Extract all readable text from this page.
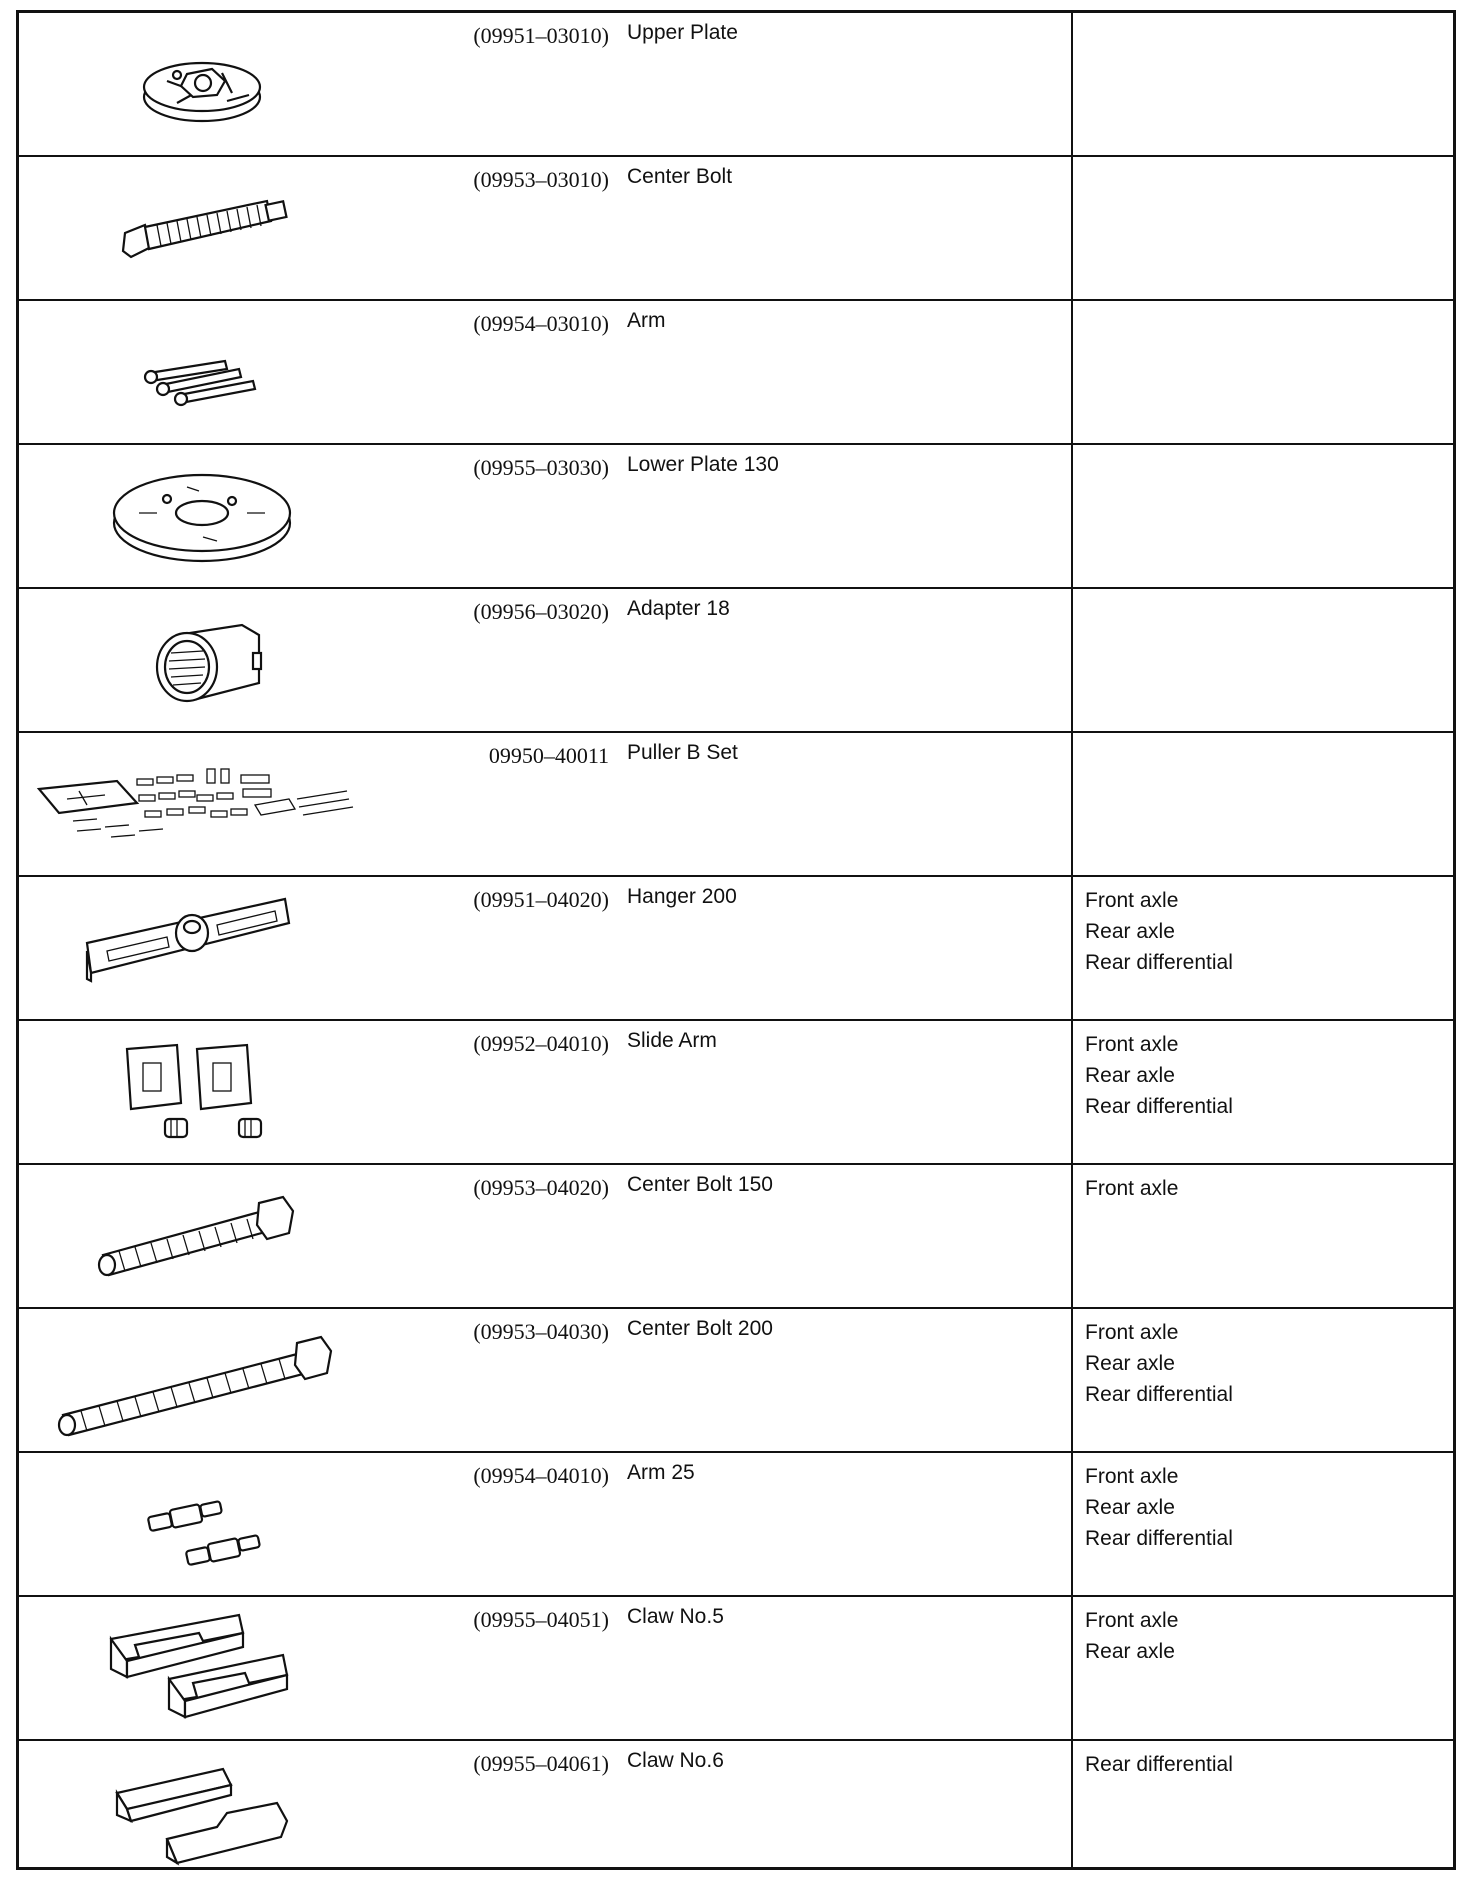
(09951–03010) Upper Plate
(09953–03010) Center Bolt
(09954–03010) Arm
(09955–03030) Lower Plate 130
(09956–03020) Adapter 18
09950–40011 Puller B Set
(09951–04020) Hanger 200	Front axle
Rear axle
Rear differential
(09952–04010) Slide Arm	Front axle
Rear axle
Rear differential
(09953–04020) Center Bolt 150	Front axle
(09953–04030) Center Bolt 200	Front axle
Rear axle
Rear differential
(09954–04010) Arm 25	Front axle
Rear axle
Rear differential
(09955–04051) Claw No.5	Front axle
Rear axle
(09955–04061) Claw No.6	Rear differential
